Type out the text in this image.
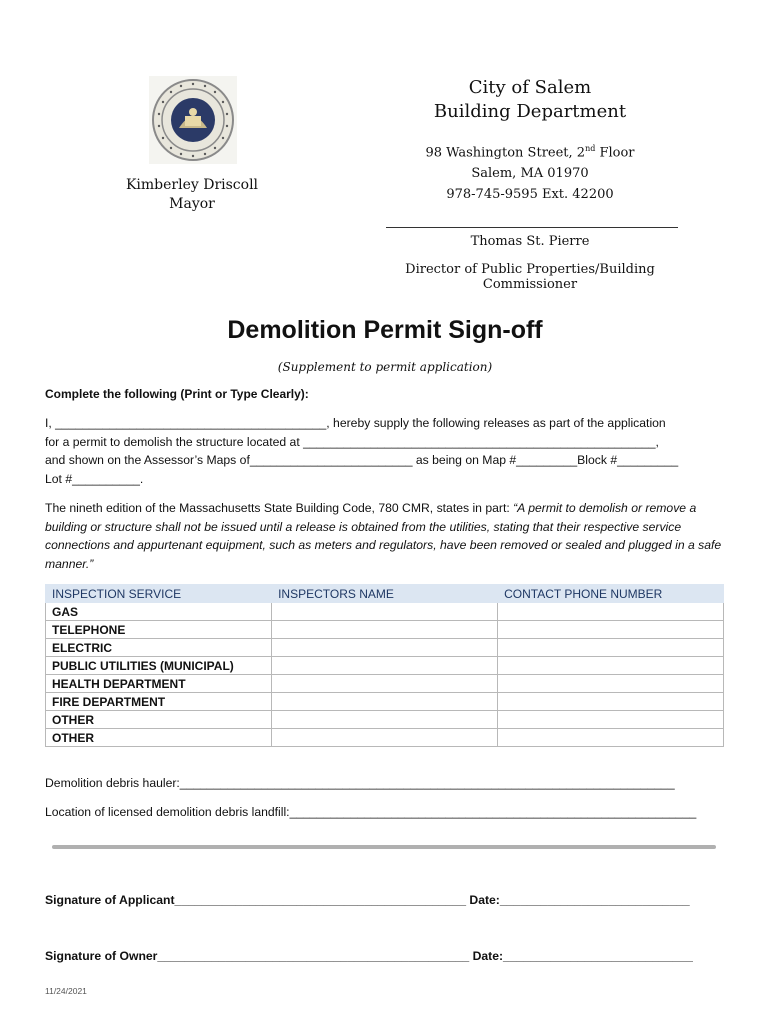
Kimberley Driscoll
Mayor
City of Salem
Building Department
98 Washington Street, 2nd Floor
Salem, MA 01970
978-745-9595 Ext. 42200
Thomas St. Pierre
Director of Public Properties/Building Commissioner
Demolition Permit Sign-off
(Supplement to permit application)
Complete the following (Print or Type Clearly):
I, ________________________________________, hereby supply the following releases as part of the application
for a permit to demolish the structure located at ____________________________________________________,
and shown on the Assessor’s Maps of________________________ as being on Map #_________Block #_________
Lot #__________.
The nineth edition of the Massachusetts State Building Code, 780 CMR, states in part: “A permit to demolish or remove a building or structure shall not be issued until a release is obtained from the utilities, stating that their respective service connections and appurtenant equipment, such as meters and regulators, have been removed or sealed and plugged in a safe manner.”
INSPECTION SERVICE	INSPECTORS NAME	CONTACT PHONE NUMBER
GAS		
TELEPHONE		
ELECTRIC		
PUBLIC UTILITIES (MUNICIPAL)		
HEALTH DEPARTMENT		
FIRE DEPARTMENT		
OTHER		
OTHER		
Demolition debris hauler:_________________________________________________________________________
Location of licensed demolition debris landfill:____________________________________________________________
Signature of Applicant___________________________________________ Date:____________________________
Signature of Owner______________________________________________ Date:____________________________
11/24/2021
